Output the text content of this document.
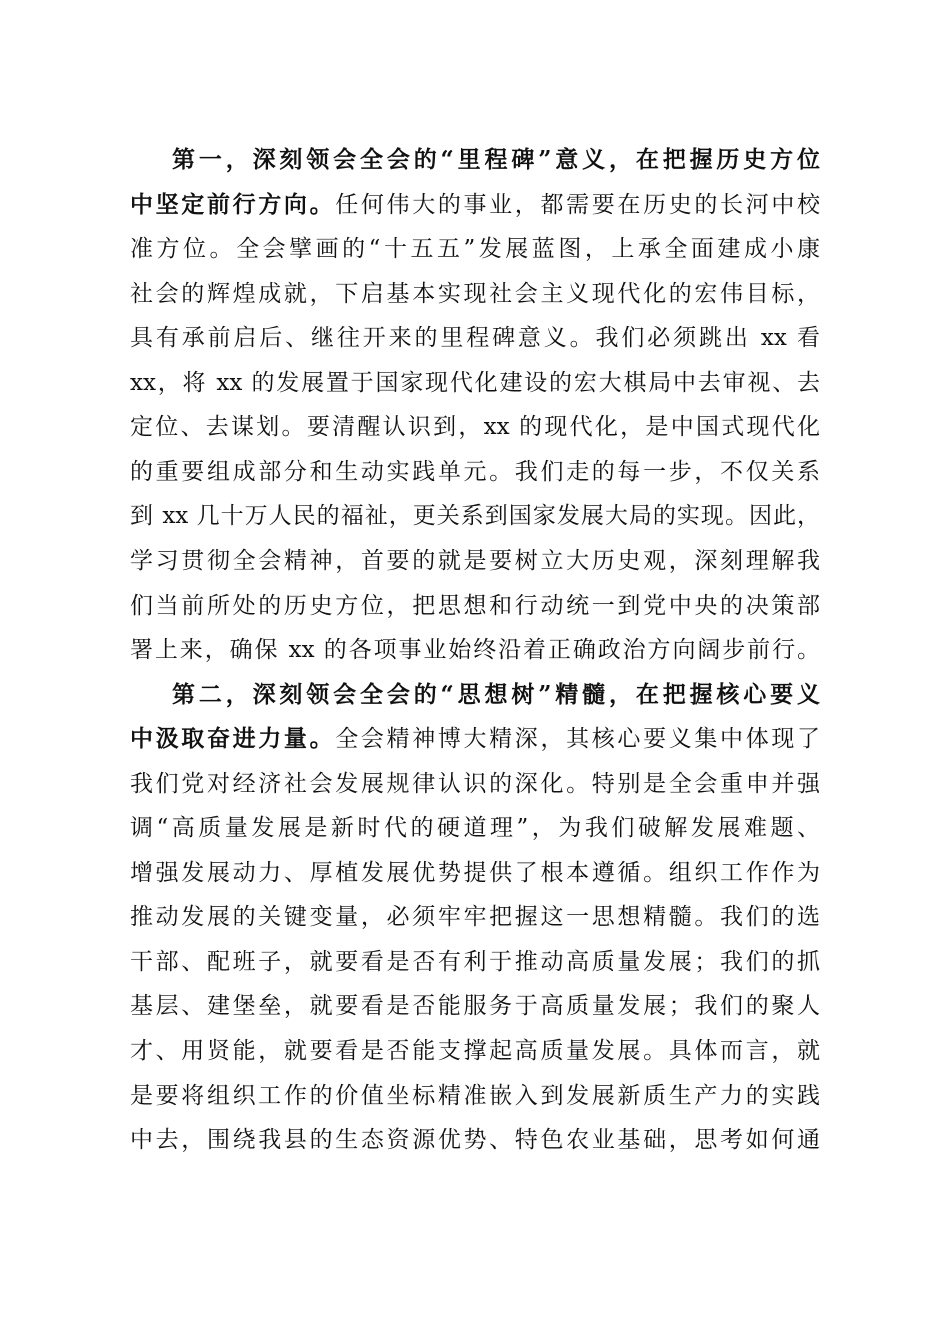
第一，深刻领会全会的“里程碑”意义，在把握历史方位
中坚定前行方向。任何伟大的事业，都需要在历史的长河中校
准方位。全会擘画的“十五五”发展蓝图，上承全面建成小康
社会的辉煌成就，下启基本实现社会主义现代化的宏伟目标，
具有承前启后、继往开来的里程碑意义。我们必须跳出 xx 看
xx，将 xx 的发展置于国家现代化建设的宏大棋局中去审视、去
定位、去谋划。要清醒认识到，xx 的现代化，是中国式现代化
的重要组成部分和生动实践单元。我们走的每一步，不仅关系
到 xx 几十万人民的福祉，更关系到国家发展大局的实现。因此，
学习贯彻全会精神，首要的就是要树立大历史观，深刻理解我
们当前所处的历史方位，把思想和行动统一到党中央的决策部
署上来，确保 xx 的各项事业始终沿着正确政治方向阔步前行。
第二，深刻领会全会的“思想树”精髓，在把握核心要义
中汲取奋进力量。全会精神博大精深，其核心要义集中体现了
我们党对经济社会发展规律认识的深化。特别是全会重申并强
调“高质量发展是新时代的硬道理”，为我们破解发展难题、
增强发展动力、厚植发展优势提供了根本遵循。组织工作作为
推动发展的关键变量，必须牢牢把握这一思想精髓。我们的选
干部、配班子，就要看是否有利于推动高质量发展；我们的抓
基层、建堡垒，就要看是否能服务于高质量发展；我们的聚人
才、用贤能，就要看是否能支撑起高质量发展。具体而言，就
是要将组织工作的价值坐标精准嵌入到发展新质生产力的实践
中去，围绕我县的生态资源优势、特色农业基础，思考如何通
